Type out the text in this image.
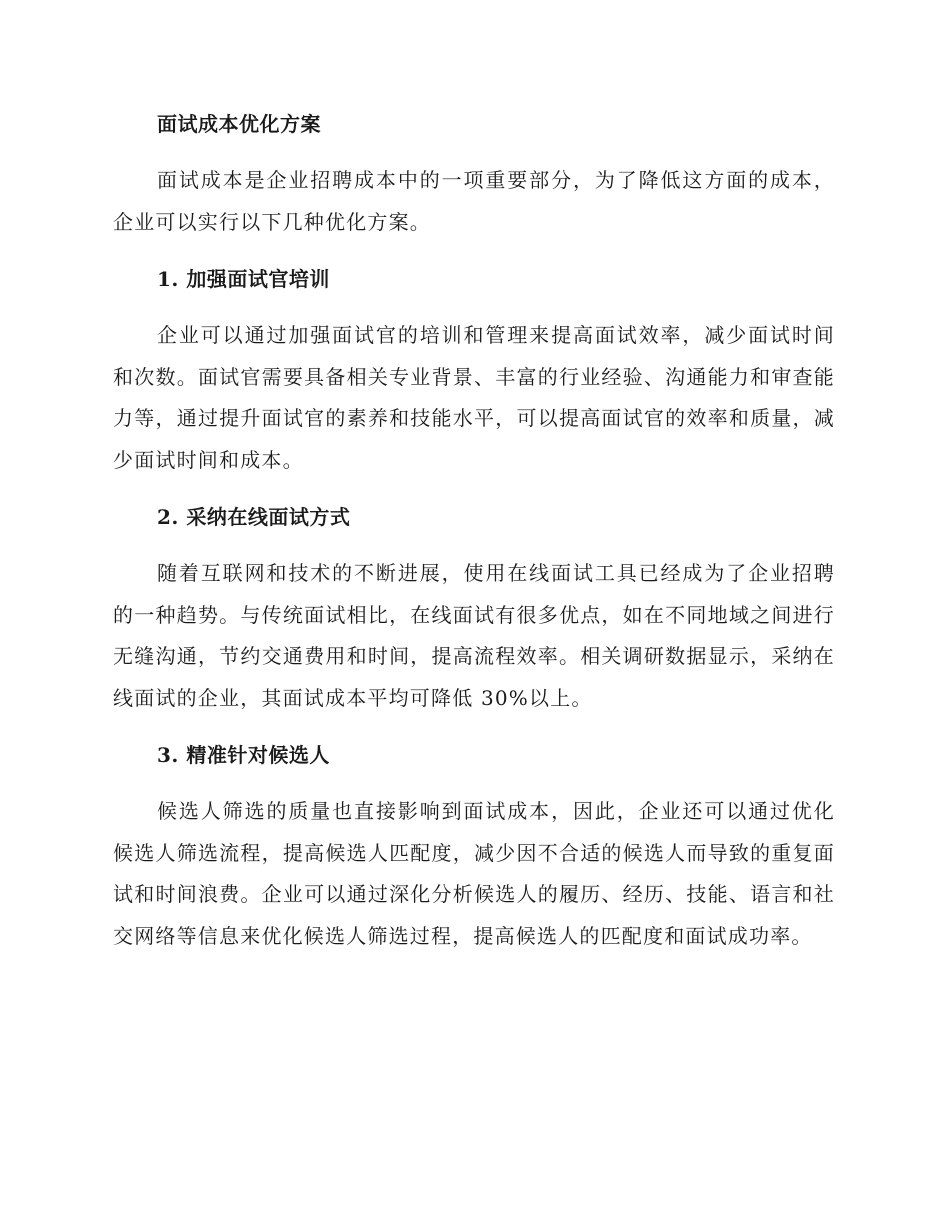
面试成本优化方案

面试成本是企业招聘成本中的一项重要部分，为了降低这方面的成本，企业可以实行以下几种优化方案。

1. 加强面试官培训

企业可以通过加强面试官的培训和管理来提高面试效率，减少面试时间和次数。面试官需要具备相关专业背景、丰富的行业经验、沟通能力和审查能力等，通过提升面试官的素养和技能水平，可以提高面试官的效率和质量，减少面试时间和成本。

2. 采纳在线面试方式

随着互联网和技术的不断进展，使用在线面试工具已经成为了企业招聘的一种趋势。与传统面试相比，在线面试有很多优点，如在不同地域之间进行无缝沟通，节约交通费用和时间，提高流程效率。相关调研数据显示，采纳在线面试的企业，其面试成本平均可降低 30%以上。

3. 精准针对候选人

候选人筛选的质量也直接影响到面试成本，因此，企业还可以通过优化候选人筛选流程，提高候选人匹配度，减少因不合适的候选人而导致的重复面试和时间浪费。企业可以通过深化分析候选人的履历、经历、技能、语言和社交网络等信息来优化候选人筛选过程，提高候选人的匹配度和面试成功率。
